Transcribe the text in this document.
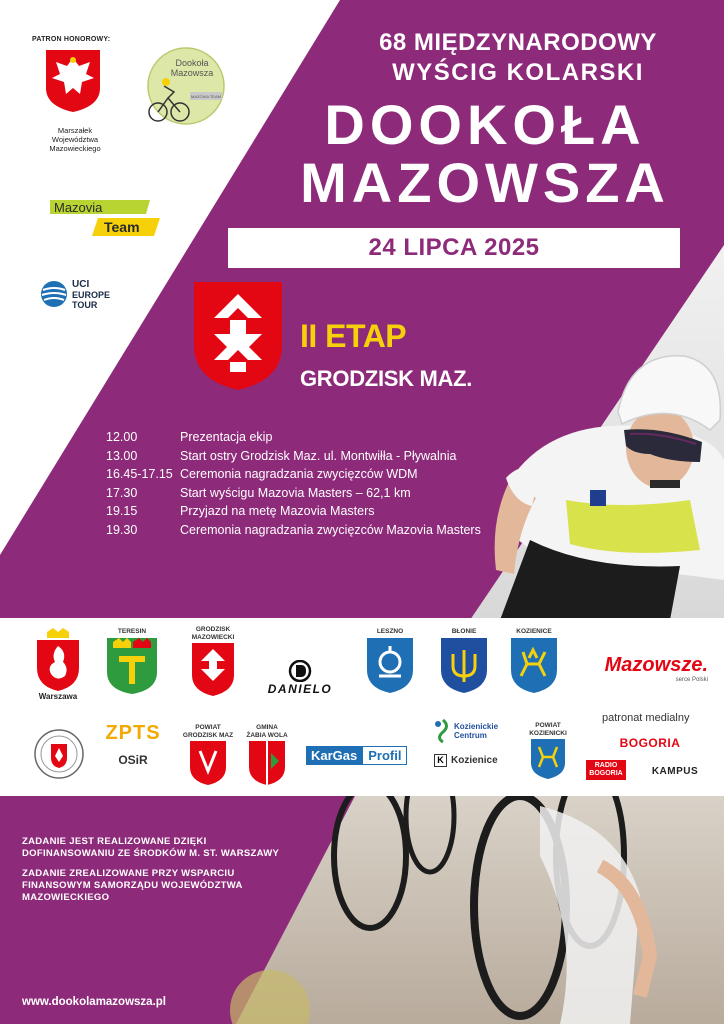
PATRON HONOROWY:
Marszałek
Województwa
Mazowieckiego
Dookoła
Mazowsza
MAZOVIA TEAM
Mazovia
Team
UCI
EUROPE
TOUR
68 MIĘDZYNARODOWY
WYŚCIG KOLARSKI
DOOKOŁA
MAZOWSZA
24 LIPCA 2025
II ETAP
GRODZISK MAZ.
12.00	Prezentacja ekip
13.00	Start ostry Grodzisk Maz. ul. Montwiłła - Pływalnia
16.45-17.15 Ceremonia nagradzania zwycięzców WDM
17.30	Start wyścigu Mazovia Masters – 62,1 km
19.15	Przyjazd na metę Mazovia Masters
19.30	Ceremonia nagradzania zwycięzców Mazovia Masters
Warszawa
TERESIN	GRODZISK
MAZOWIECKI
DANIELO
LESZNO	BŁONIE	KOZIENICE
Mazowsze.
serce Polski
ZPTS
OSiR
POWIAT
GRODZISK MAZ
GMINA
ŻABIA WOLA
KarGas Profil
Kozienickie
Centrum
K Kozienice
POWIAT
KOZIENICKI
patronat medialny
BOGORIA
RADIO
BOGORIA	KAMPUS

ZADANIE JEST REALIZOWANE DZIĘKI DOFINANSOWANIU ZE ŚRODKÓW M. ST. WARSZAWY

ZADANIE ZREALIZOWANE PRZY WSPARCIU FINANSOWYM SAMORZĄDU WOJEWÓDZTWA MAZOWIECKIEGO

www.dookolamazowsza.pl
